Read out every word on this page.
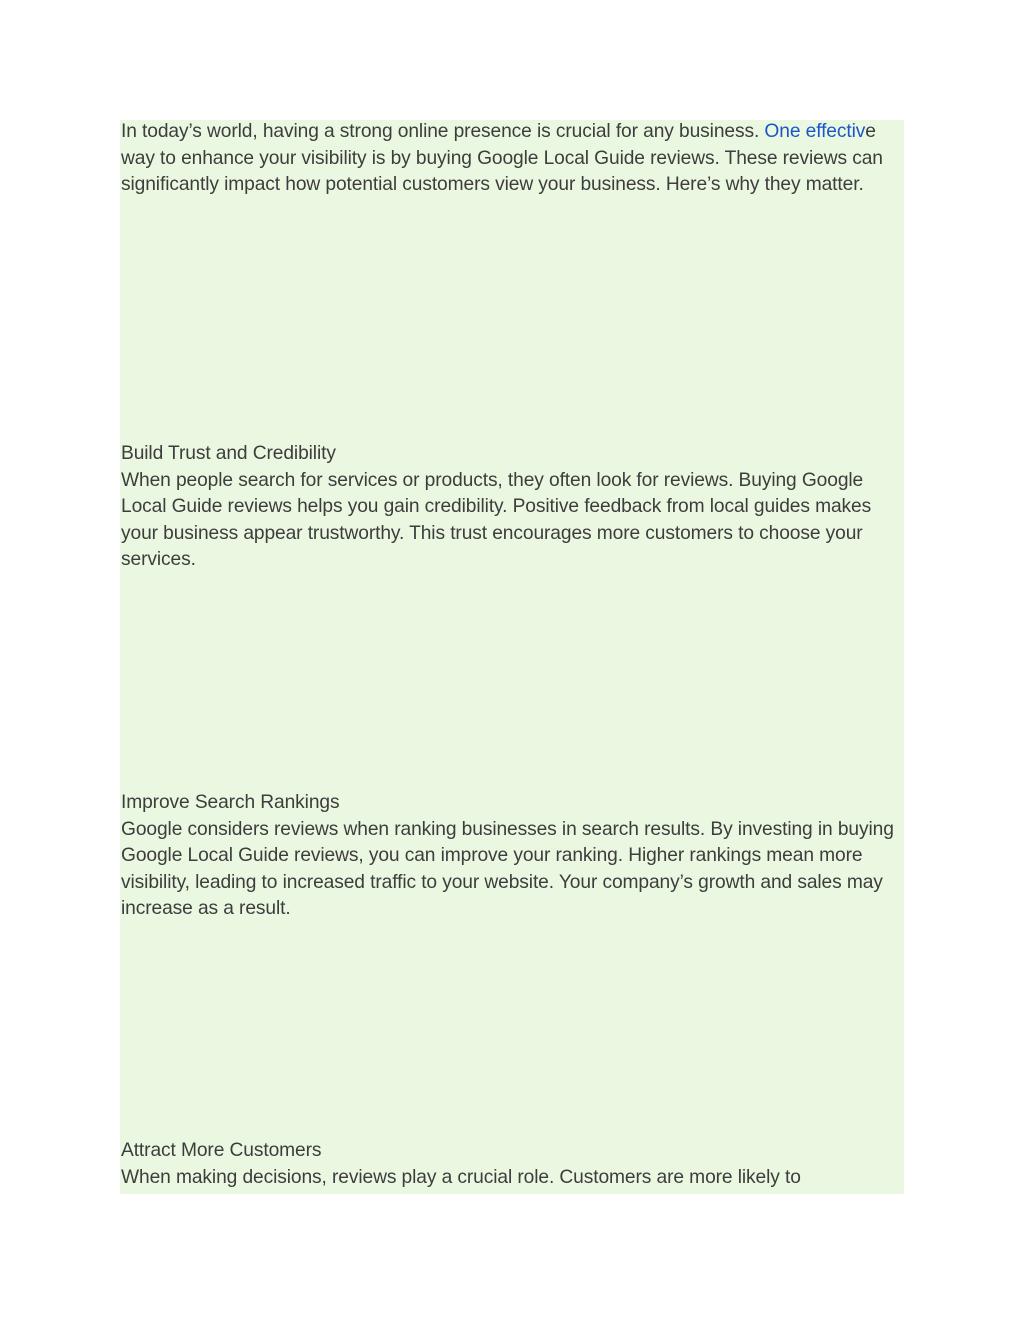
In today’s world, having a strong online presence is crucial for any business. One effective way to enhance your visibility is by buying Google Local Guide reviews. These reviews can significantly impact how potential customers view your business. Here’s why they matter.

Build Trust and Credibility
When people search for services or products, they often look for reviews. Buying Google Local Guide reviews helps you gain credibility. Positive feedback from local guides makes your business appear trustworthy. This trust encourages more customers to choose your services.
Improve Search Rankings
Google considers reviews when ranking businesses in search results. By investing in buying Google Local Guide reviews, you can improve your ranking. Higher rankings mean more visibility, leading to increased traffic to your website. Your company’s growth and sales may increase as a result.
Attract More Customers
When making decisions, reviews play a crucial role. Customers are more likely to
